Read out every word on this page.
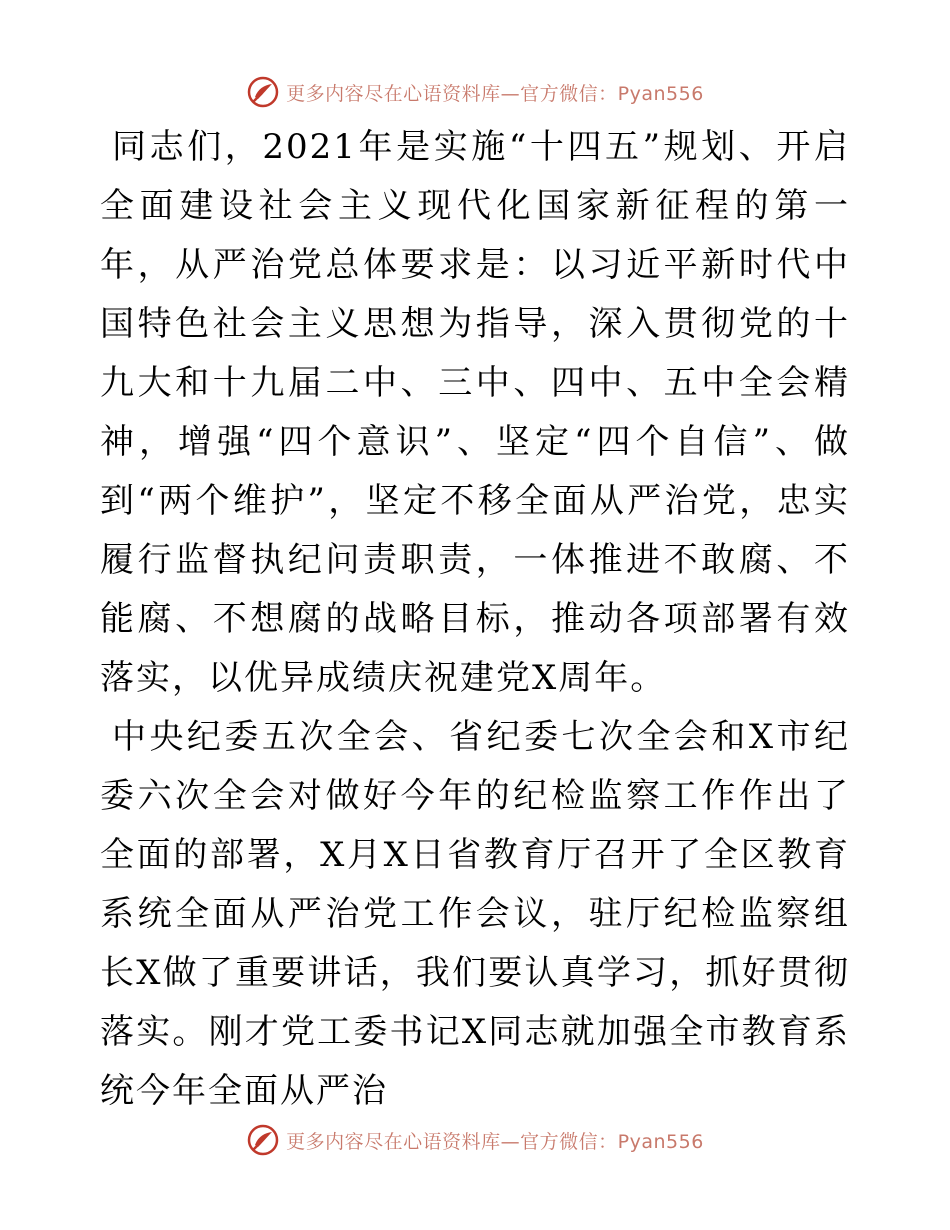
更多内容尽在心语资料库—官方微信：Pyan556

同志们，2021年是实施“十四五”规划、开启全面建设社会主义现代化国家新征程的第一年，从严治党总体要求是：以习近平新时代中国特色社会主义思想为指导，深入贯彻党的十九大和十九届二中、三中、四中、五中全会精神，增强“四个意识”、坚定“四个自信”、做到“两个维护”，坚定不移全面从严治党，忠实履行监督执纪问责职责，一体推进不敢腐、不能腐、不想腐的战略目标，推动各项部署有效落实，以优异成绩庆祝建党X周年。

中央纪委五次全会、省纪委七次全会和X市纪委六次全会对做好今年的纪检监察工作作出了全面的部署，X月X日省教育厅召开了全区教育系统全面从严治党工作会议，驻厅纪检监察组长X做了重要讲话，我们要认真学习，抓好贯彻落实。刚才党工委书记X同志就加强全市教育系统今年全面从严治

更多内容尽在心语资料库—官方微信：Pyan556
